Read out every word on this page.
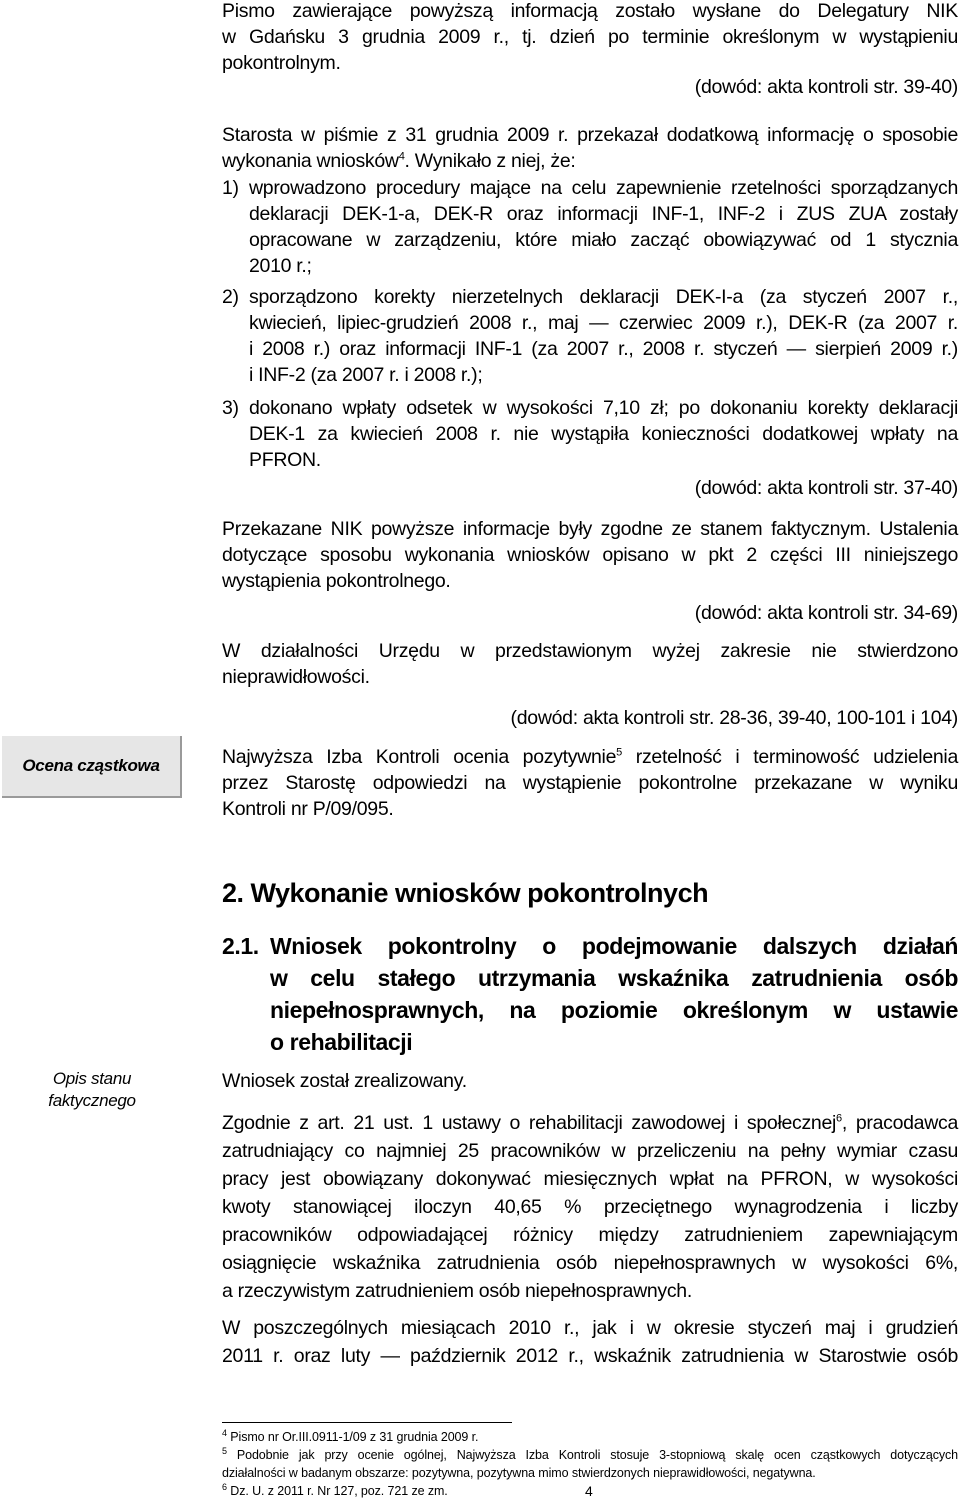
Pismo zawierające powyższą informacją zostało wysłane do Delegatury NIK
w Gdańsku 3 grudnia 2009 r., tj. dzień po terminie określonym w wystąpieniu
pokontrolnym.
(dowód: akta kontroli str. 39-40)
Starosta w piśmie z 31 grudnia 2009 r. przekazał dodatkową informację o sposobie
wykonania wniosków$^4$. Wynikało z niej, że:
1) wprowadzono procedury mające na celu zapewnienie rzetelności sporządzanych
deklaracji DEK-1-a, DEK-R oraz informacji INF-1, INF-2 i ZUS ZUA zostały
opracowane w zarządzeniu, które miało zacząć obowiązywać od 1 stycznia
2010 r.;
2) sporządzono korekty nierzetelnych deklaracji DEK-I-a (za styczeń 2007 r.,
kwiecień, lipiec-grudzień 2008 r., maj — czerwiec 2009 r.), DEK-R (za 2007 r.
i 2008 r.) oraz informacji INF-1 (za 2007 r., 2008 r. styczeń — sierpień 2009 r.)
i INF-2 (za 2007 r. i 2008 r.);
3) dokonano wpłaty odsetek w wysokości 7,10 zł; po dokonaniu korekty deklaracji
DEK-1 za kwiecień 2008 r. nie wystąpiła konieczności dodatkowej wpłaty na
PFRON.
(dowód: akta kontroli str. 37-40)
Przekazane NIK powyższe informacje były zgodne ze stanem faktycznym. Ustalenia
dotyczące sposobu wykonania wniosków opisano w pkt 2 części III niniejszego
wystąpienia pokontrolnego.
(dowód: akta kontroli str. 34-69)
W działalności Urzędu w przedstawionym wyżej zakresie nie stwierdzono
nieprawidłowości.
(dowód: akta kontroli str. 28-36, 39-40, 100-101 i 104)
Ocena cząstkowa	Najwyższa Izba Kontroli ocenia pozytywnie$^5$ rzetelność i terminowość udzielenia
przez Starostę odpowiedzi na wystąpienie pokontrolne przekazane w wyniku
Kontroli nr P/09/095.
2. Wykonanie wniosków pokontrolnych
2.1. Wniosek pokontrolny o podejmowanie dalszych działań
w celu stałego utrzymania wskaźnika zatrudnienia osób
niepełnosprawnych, na poziomie określonym w ustawie
o rehabilitacji
Opis stanu
faktycznego
Wniosek został zrealizowany.
Zgodnie z art. 21 ust. 1 ustawy o rehabilitacji zawodowej i społecznej$^6$, pracodawca
zatrudniający co najmniej 25 pracowników w przeliczeniu na pełny wymiar czasu
pracy jest obowiązany dokonywać miesięcznych wpłat na PFRON, w wysokości
kwoty stanowiącej iloczyn 40,65 % przeciętnego wynagrodzenia i liczby
pracowników odpowiadającej różnicy między zatrudnieniem zapewniającym
osiągnięcie wskaźnika zatrudnienia osób niepełnosprawnych w wysokości 6%,
a rzeczywistym zatrudnieniem osób niepełnosprawnych.
W poszczególnych miesiącach 2010 r., jak i w okresie styczeń maj i grudzień
2011 r. oraz luty — październik 2012 r., wskaźnik zatrudnienia w Starostwie osób
$^4$ Pismo nr Or.III.0911-1/09 z 31 grudnia 2009 r.
$^5$ Podobnie jak przy ocenie ogólnej, Najwyższa Izba Kontroli stosuje 3-stopniową skalę ocen cząstkowych dotyczących
działalności w badanym obszarze: pozytywna, pozytywna mimo stwierdzonych nieprawidłowości, negatywna.
$^6$ Dz. U. z 2011 r. Nr 127, poz. 721 ze zm.	4
